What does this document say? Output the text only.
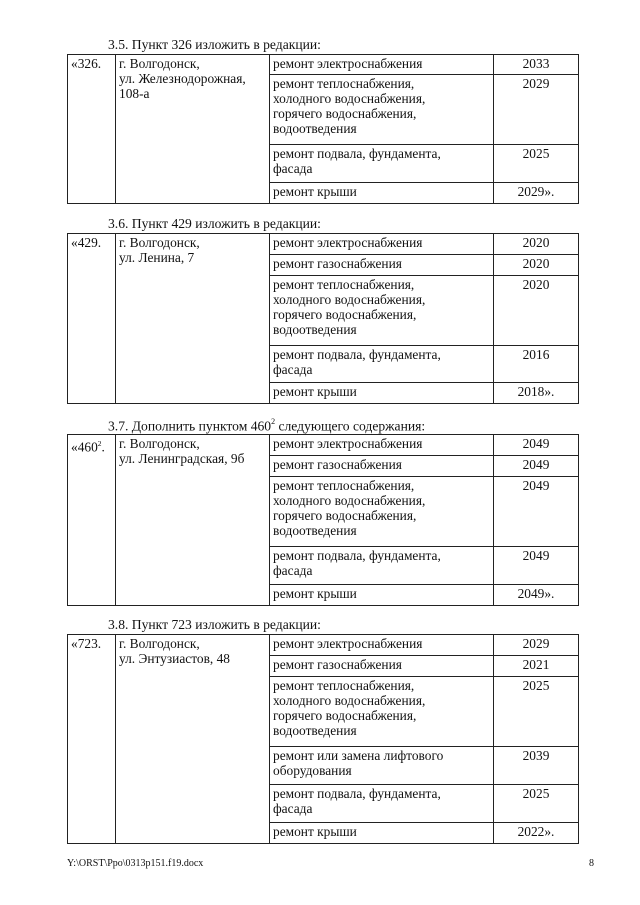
3.5. Пункт 326 изложить в редакции:
«326.	г. Волгодонск,
ул. Железнодорожная,
108-а	ремонт электроснабжения	2033
		ремонт теплоснабжения,
холодного водоснабжения,
горячего водоснабжения,
водоотведения	2029
		ремонт подвала, фундамента,
фасада	2025
		ремонт крыши	2029».
3.6. Пункт 429 изложить в редакции:
«429.	г. Волгодонск,
ул. Ленина, 7	ремонт электроснабжения	2020
		ремонт газоснабжения	2020
		ремонт теплоснабжения,
холодного водоснабжения,
горячего водоснабжения,
водоотведения	2020
		ремонт подвала, фундамента,
фасада	2016
		ремонт крыши	2018».
3.7. Дополнить пунктом $460^2$ следующего содержания:
«$460^2$.	г. Волгодонск,
ул. Ленинградская, 9б	ремонт электроснабжения	2049
		ремонт газоснабжения	2049
		ремонт теплоснабжения,
холодного водоснабжения,
горячего водоснабжения,
водоотведения	2049
		ремонт подвала, фундамента,
фасада	2049
		ремонт крыши	2049».
3.8. Пункт 723 изложить в редакции:
«723.	г. Волгодонск,
ул. Энтузиастов, 48	ремонт электроснабжения	2029
		ремонт газоснабжения	2021
		ремонт теплоснабжения,
холодного водоснабжения,
горячего водоснабжения,
водоотведения	2025
		ремонт или замена лифтового
оборудования	2039
		ремонт подвала, фундамента,
фасада	2025
		ремонт крыши	2022».
Y:\ORST\Ppo\0313p151.f19.docx	8
